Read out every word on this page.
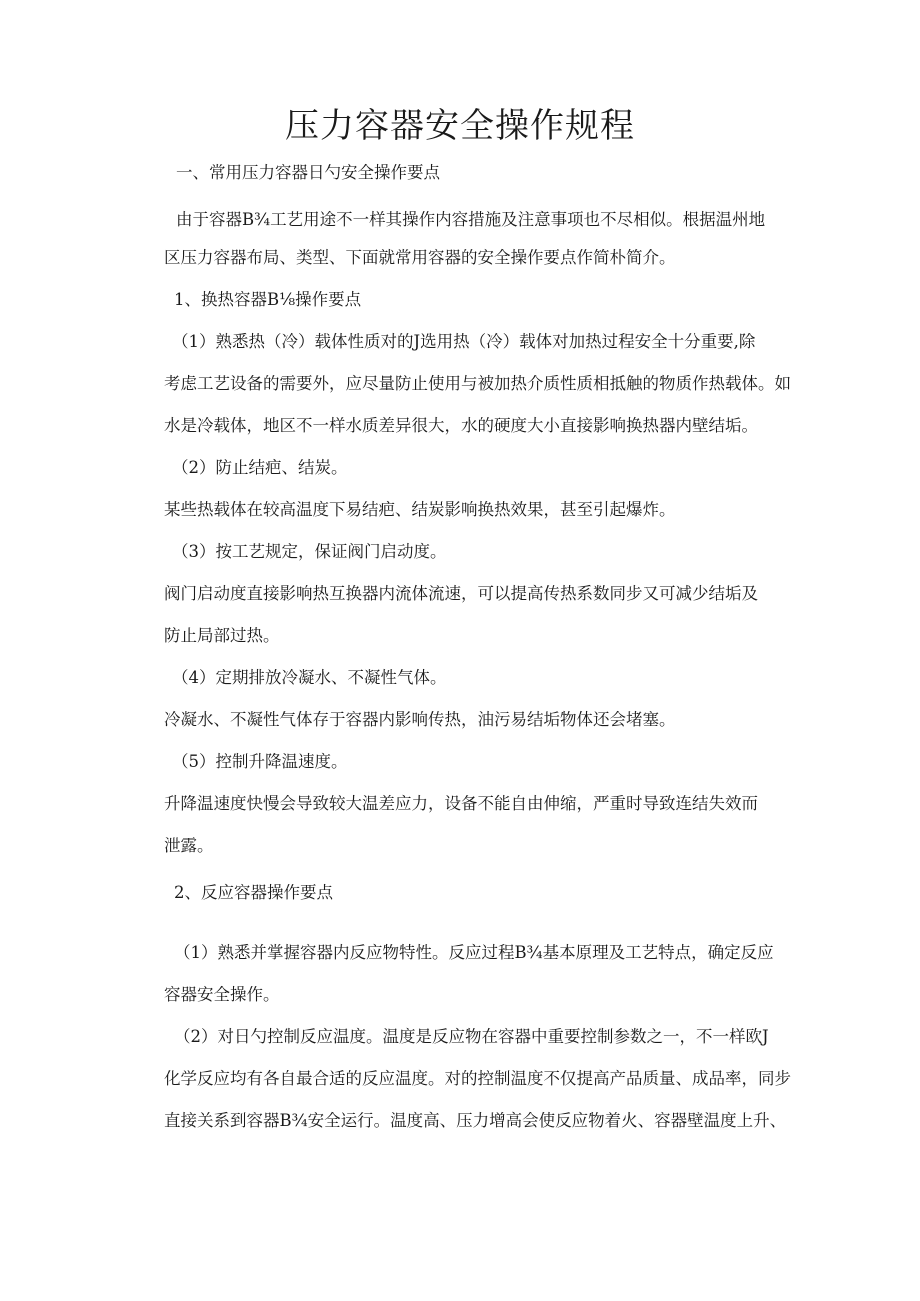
压力容器安全操作规程

一、常用压力容器日勺安全操作要点

由于容器B¾工艺用途不一样其操作内容措施及注意事项也不尽相似。根据温州地

区压力容器布局、类型、下面就常用容器的安全操作要点作简朴简介。

1、换热容器B⅛操作要点

（1）熟悉热（冷）载体性质对的J选用热（冷）载体对加热过程安全十分重要,除

考虑工艺设备的需要外，应尽量防止使用与被加热介质性质相抵触的物质作热载体。如

水是冷载体，地区不一样水质差异很大，水的硬度大小直接影响换热器内壁结垢。

（2）防止结疤、结炭。

某些热载体在较高温度下易结疤、结炭影响换热效果，甚至引起爆炸。

（3）按工艺规定，保证阀门启动度。

阀门启动度直接影响热互换器内流体流速，可以提高传热系数同步又可减少结垢及

防止局部过热。

（4）定期排放冷凝水、不凝性气体。

冷凝水、不凝性气体存于容器内影响传热，油污易结垢物体还会堵塞。

（5）控制升降温速度。

升降温速度快慢会导致较大温差应力，设备不能自由伸缩，严重时导致连结失效而

泄露。

2、反应容器操作要点

（1）熟悉并掌握容器内反应物特性。反应过程B¾基本原理及工艺特点，确定反应

容器安全操作。

（2）对日勺控制反应温度。温度是反应物在容器中重要控制参数之一，不一样欧J

化学反应均有各自最合适的反应温度。对的控制温度不仅提高产品质量、成品率，同步

直接关系到容器B¾安全运行。温度高、压力增高会使反应物着火、容器壁温度上升、
